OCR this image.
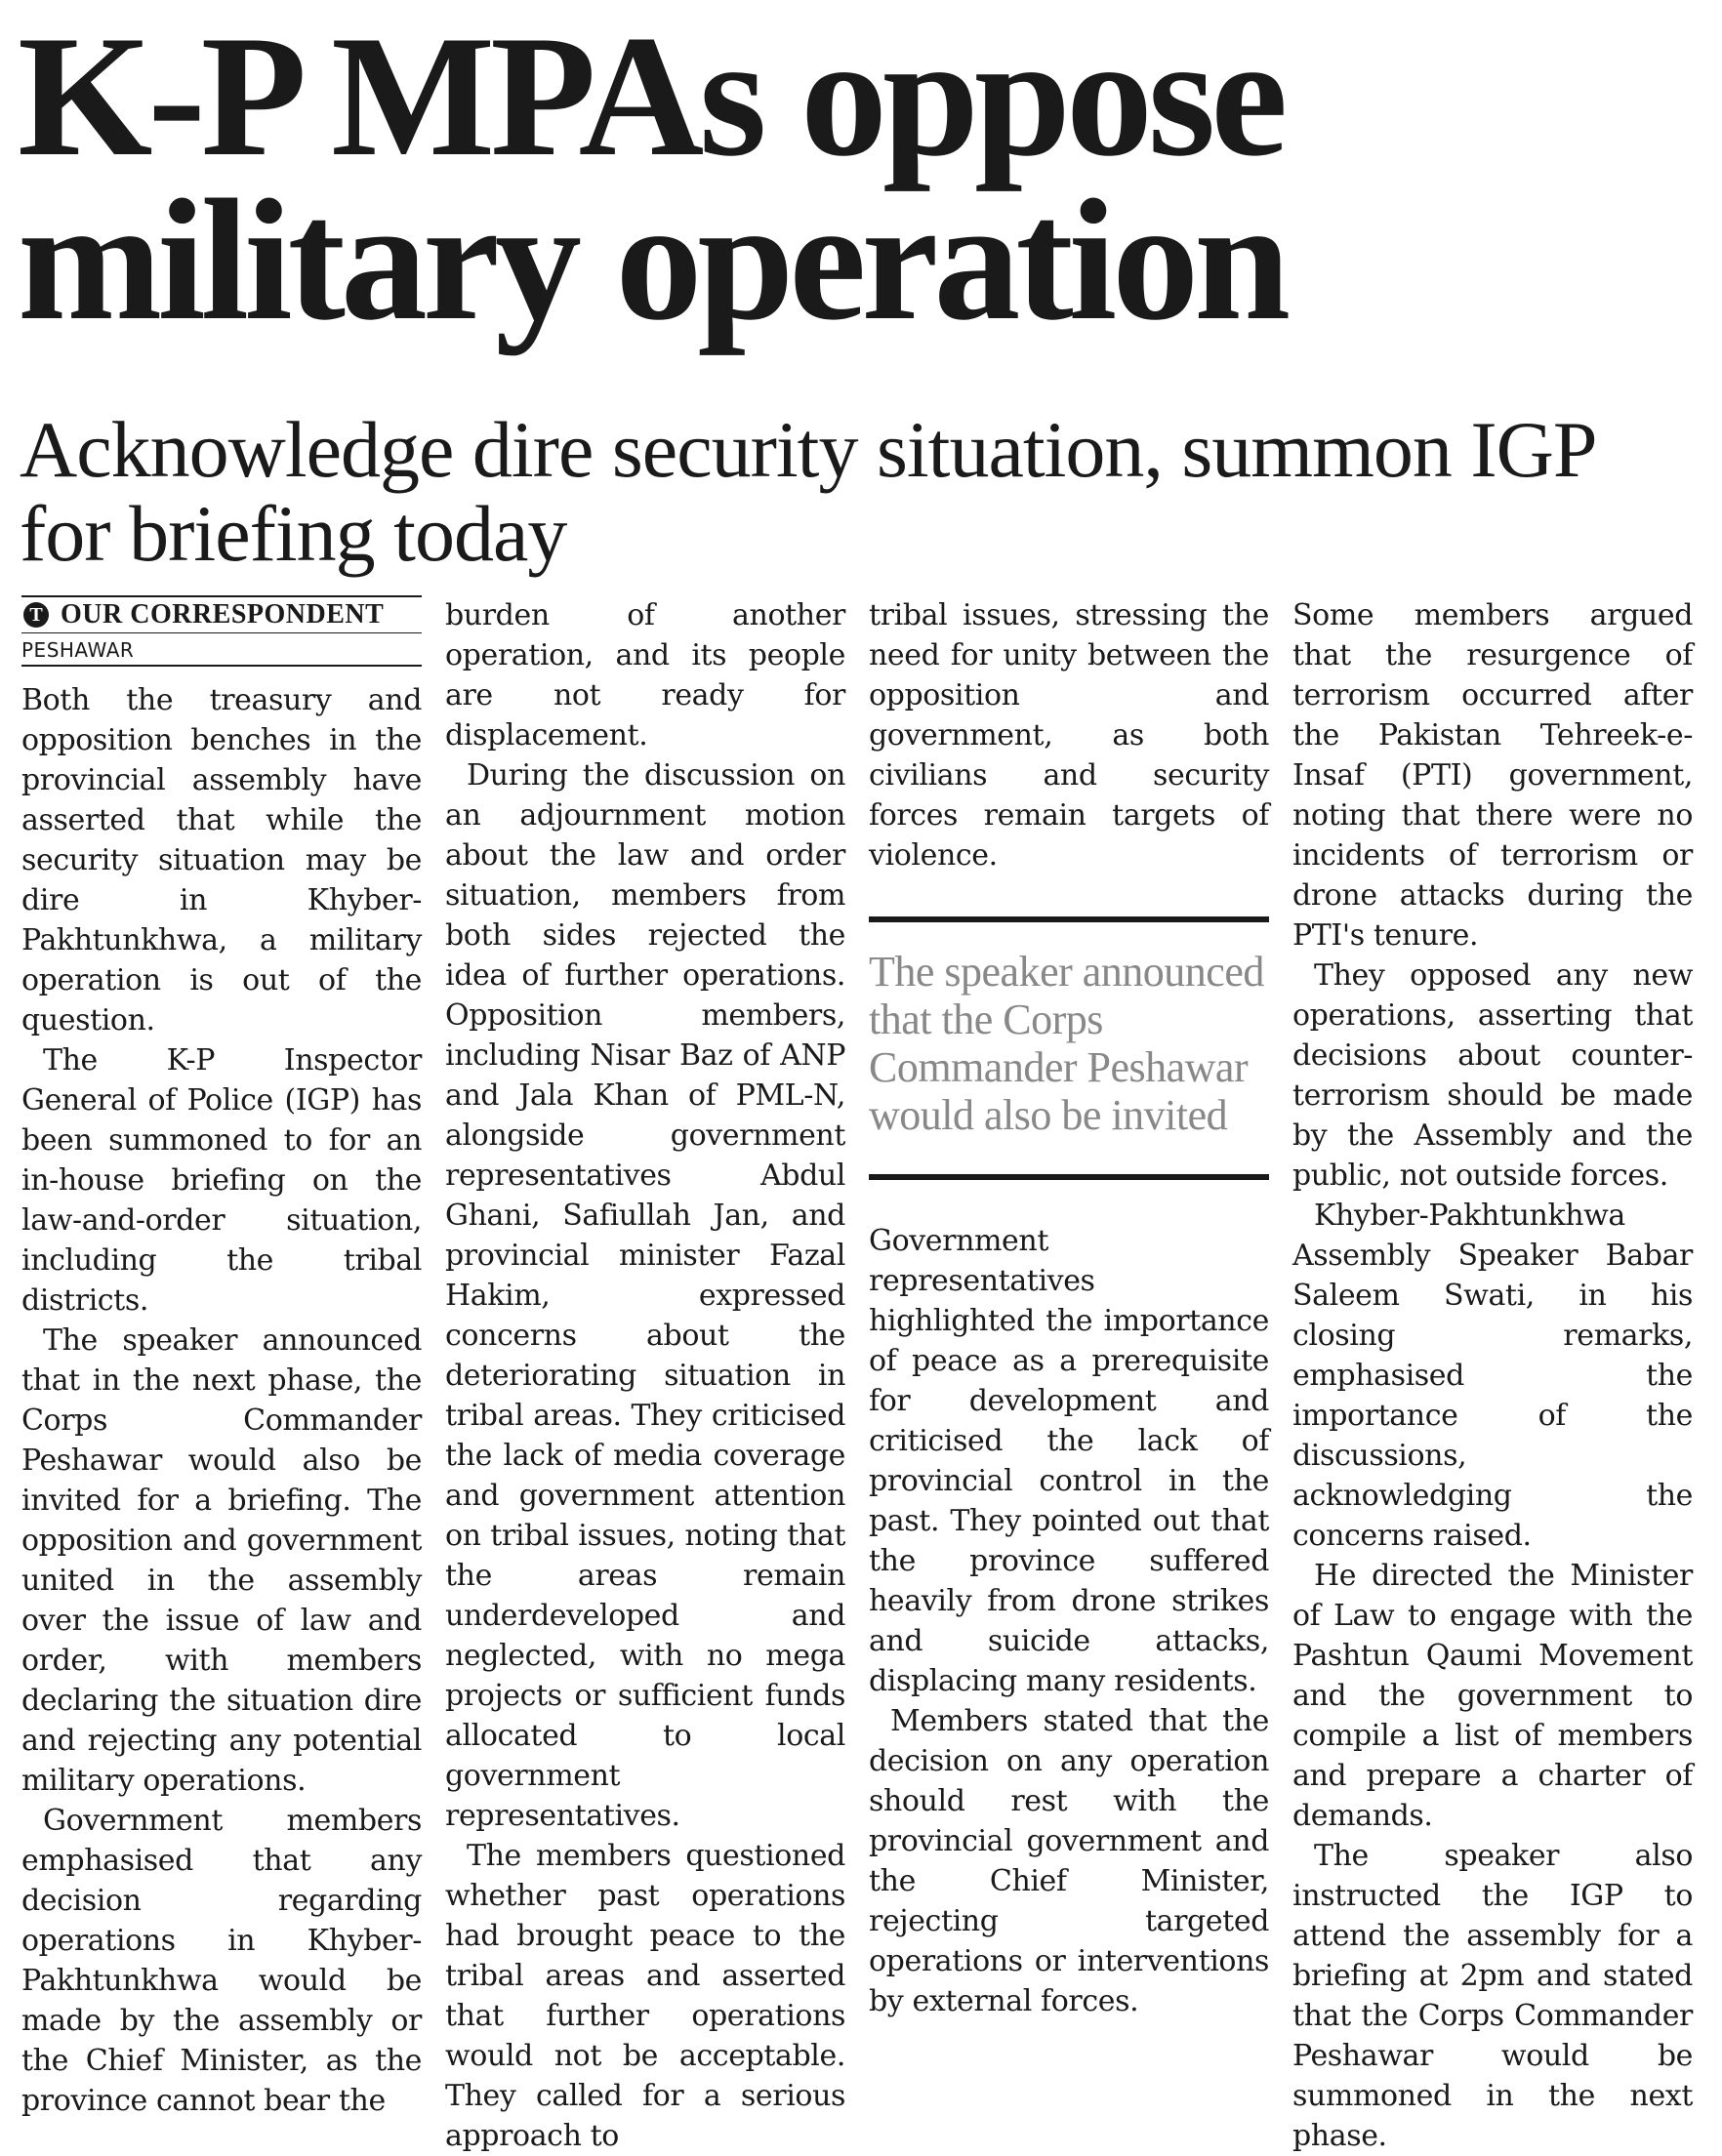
K-P MPAs oppose military operation
Acknowledge dire security situation, summon IGP for briefing today
T OUR CORRESPONDENT
PESHAWAR

Both the treasury and opposition benches in the provincial assembly have asserted that while the security situation may be dire in Khyber-Pakhtunkhwa, a military operation is out of the question.

The K-P Inspector General of Police (IGP) has been summoned to for an in-house briefing on the law-and-order situation, including the tribal districts.

The speaker announced that in the next phase, the Corps Commander Peshawar would also be invited for a briefing. The opposition and government united in the assembly over the issue of law and order, with members declaring the situation dire and rejecting any potential military operations.

Government members emphasised that any decision regarding operations in Khyber-Pakhtunkhwa would be made by the assembly or the Chief Minister, as the province cannot bear the

burden of another operation, and its people are not ready for displacement.

During the discussion on an adjournment motion about the law and order situation, members from both sides rejected the idea of further operations. Opposition members, including Nisar Baz of ANP and Jala Khan of PML-N, alongside government representatives Abdul Ghani, Safiullah Jan, and provincial minister Fazal Hakim, expressed concerns about the deteriorating situation in tribal areas. They criticised the lack of media coverage and government attention on tribal issues, noting that the areas remain underdeveloped and neglected, with no mega projects or sufficient funds allocated to local government representatives.

The members questioned whether past operations had brought peace to the tribal areas and asserted that further operations would not be acceptable. They called for a serious approach to

tribal issues, stressing the need for unity between the opposition and government, as both civilians and security forces remain targets of violence.

The speaker announced that the Corps Commander Peshawar would also be invited

Government representatives highlighted the importance of peace as a prerequisite for development and criticised the lack of provincial control in the past. They pointed out that the province suffered heavily from drone strikes and suicide attacks, displacing many residents.

Members stated that the decision on any operation should rest with the provincial government and the Chief Minister, rejecting targeted operations or interventions by external forces.

Some members argued that the resurgence of terrorism occurred after the Pakistan Tehreek-e-Insaf (PTI) government, noting that there were no incidents of terrorism or drone attacks during the PTI's tenure.

They opposed any new operations, asserting that decisions about counter-terrorism should be made by the Assembly and the public, not outside forces.

Khyber-Pakhtunkhwa Assembly Speaker Babar Saleem Swati, in his closing remarks, emphasised the importance of the discussions, acknowledging the concerns raised.

He directed the Minister of Law to engage with the Pashtun Qaumi Movement and the government to compile a list of members and prepare a charter of demands.

The speaker also instructed the IGP to attend the assembly for a briefing at 2pm and stated that the Corps Commander Peshawar would be summoned in the next phase.
